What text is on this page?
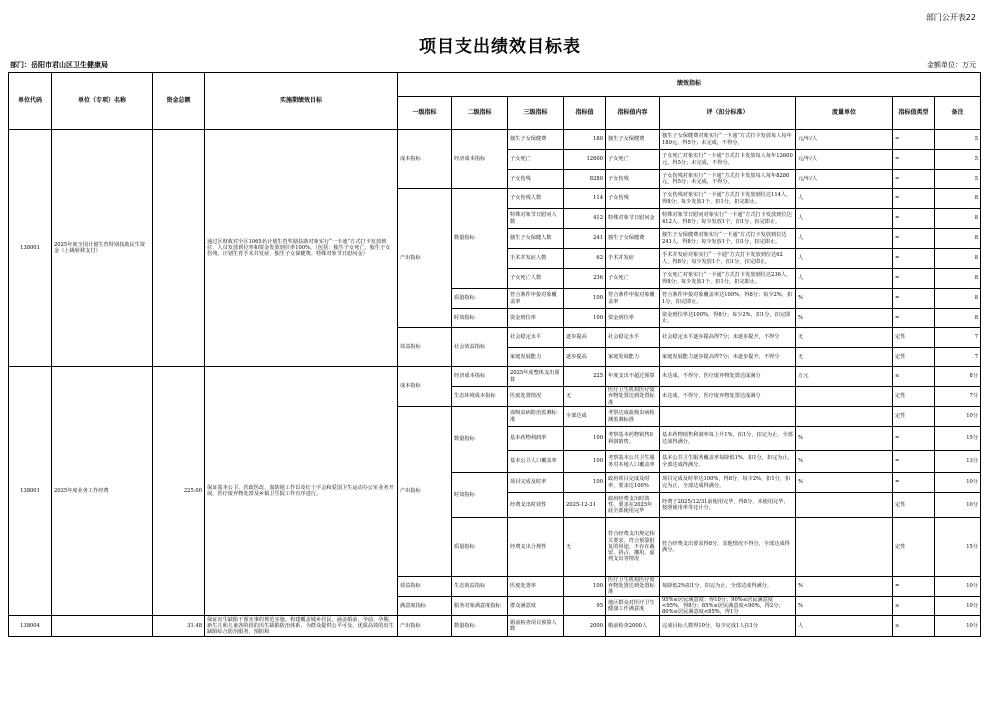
部门公开表22
项目支出绩效目标表
部门：岳阳市君山区卫生健康局	金额单位：万元
单位代码	单位（专项）名称	资金总额	实施期绩效目标	绩效指标								
				一级指标	二级指标	三级指标	指标值	指标值内容	评（扣分标准）	度量单位	指标值类型	备注
138001	2025年度全国计划生育特别扶助民生资金（上级转移支付）		通过区财政对全区1065名计划生育奖励扶助对象实行“一卡通”方式打卡发放到位，人员发放到位率和资金发放到位率100%。（包括：独生子女死亡、独生子女伤残、计划生育手术并发症、独生子女保健费、特殊对象节日慰问金）	成本指标	经济成本指标	独生子女保健费	180	独生子女保健费	独生子女保健费对象实行“一卡通”方式打卡发放每人每年180元，得5分；未完成，不得分。	元/年/人	=	5
						子女死亡	12600	子女死亡	子女死亡对象实行“一卡通”方式打卡发放每人每年12600元，得5分；未完成，不得分。	元/年/人	=	5
						子女伤残	8280	子女伤残	子女伤残对象实行“一卡通”方式打卡发放每人每年8280元，得5分；未完成，不得分。	元/年/人	=	5
				产出指标	数量指标	子女伤残人数	114	子女伤残	子女伤残对象实行“一卡通”方式打卡发放到位达114人，得8分；每少发放1个，扣1分，扣完即止。	人	=	8
						特殊对象节日慰问人数	412	特殊对象节日慰问金	特殊对象节日慰问对象实行“一卡通”方式打卡发放到位达412人，得8分；每少发放1个，扣1分，扣完即止。	人	=	8
						独生子女保健人数	241	独生子女保健费	独生子女保健费对象实行“一卡通”方式打卡发放到位达241人，得8分；每少发放1个，扣1分，扣完即止。	人	=	8
						手术并发症人数	62	手术并发症	手术并发症对象实行“一卡通”方式打卡发放到位达62人，得8分；每少发放1个，扣1分，扣完即止。	人	=	8
						子女死亡人数	236	子女死亡	子女死亡对象实行“一卡通”方式打卡发放到位达236人，得8分；每少发放1个，扣1分，扣完即止。	人	=	8
					质量指标	符合条件申报对象覆盖率	100	符合条件申报对象覆盖率	符合条件申报对象覆盖率达100%，得8分；每少2%，扣1分，扣完即止。	%	=	8
					时效指标	资金到位率	100	资金到位率	资金到位率达100%，得8分；每少2%，扣1分，扣完即止。	%	=	8
				效益指标	社会效益指标	社会稳定水平	逐步提高	社会稳定水平	社会稳定水平逐步提高得7分；未逐步提升，不得分	无	定性	7
						家庭发展能力	逐步提高	家庭发展能力	家庭发展能力逐步提高得7分；未逐步提升，不得分	无	定性	7
138001	2025年度业务工作经费	225.00	保证基本公卫、医政医改、血防地工作以及红十字会和爱国卫生运动办公室业务开展。医疗废弃物处置及乡镇卫生院工作有序进行。	成本指标	经济成本指标	2025年度整体支出预算	225	年度支出不超过预算	未达成，不得分，医疗废弃物处置达成满分	万元	≤	8分
					生态环境成本指标	医废处置情况	无	医疗卫生机构医疗废弃物处置达到处置标准	未达成，不得分，医疗废弃物处置达成满分		定性	7分
				产出指标	数量指标	血吸虫病防治监测标准	全部达成	考察达成血吸虫病检测监测标准			定性	10分
						基本药物利润率	100	考察基本药物销售0利润销售。	基本药物销售利润率每上升1%，扣1分，扣完为止，全部达成得满分。	%	=	15分
						基本公卫人口覆盖率	100	考察基本公共卫生服务对本地人口覆盖率	基本公共卫生服务覆盖率每降低1%，扣1分，扣完为止，全部达成得满分。	%	=	13分
					时效指标	项目完成及时率	100	政府项目完成及时率，要求达100%	项目完成及时率达100%，得8分，每少2%，扣1分，扣完为止，全部达成得满分。	%	=	10分
						经费支出时效性	2025-12-31	政府经费支出时效性，要求在2025年底全部使用完毕	经费于2025/12/31前使用完毕，得8分，未使用完毕，按照使用率等比计分。		定性	10分
					质量指标	经费支出合规性	无	符合经费支出规定相关要求，符合预算批复的用途，不存在截留、挤占、挪用、虚列支出等情况	符合经费支出要求得8分，其他情况不得分，全部达成得满分。		定性	15分
				效益指标	生态效益指标	医废处置率	100	医疗卫生机构医疗废弃物处置达到处置标准	每降低2%扣1分，扣完为止，全部达成得满分。	%	=	10分
				满意度指标	服务对象满意度指标	群众满意度	95	地区群众对医疗卫生健康工作满意度	95%≤居民满意度：得10分；90%≤居民满意度<95%，得8分；85%≤居民满意度<90%，得2分；80%≤居民满意度<85%，得1分	%	≥	10分
138004		31.48	保证出生缺陷干预实事的规范实施。构建覆盖城乡居民，涵盖婚前、孕前、孕期、新生儿和儿童各阶段的出生缺陷防治体系，为群众提供公平可及、优质高效的出生缺陷综合防治服务，预防和	产出指标	数量指标	婚前检查项目预算人数	2000	婚前检查2000人	完成目标人数得10分，每少完成1人扣1分	人	≥	10分
